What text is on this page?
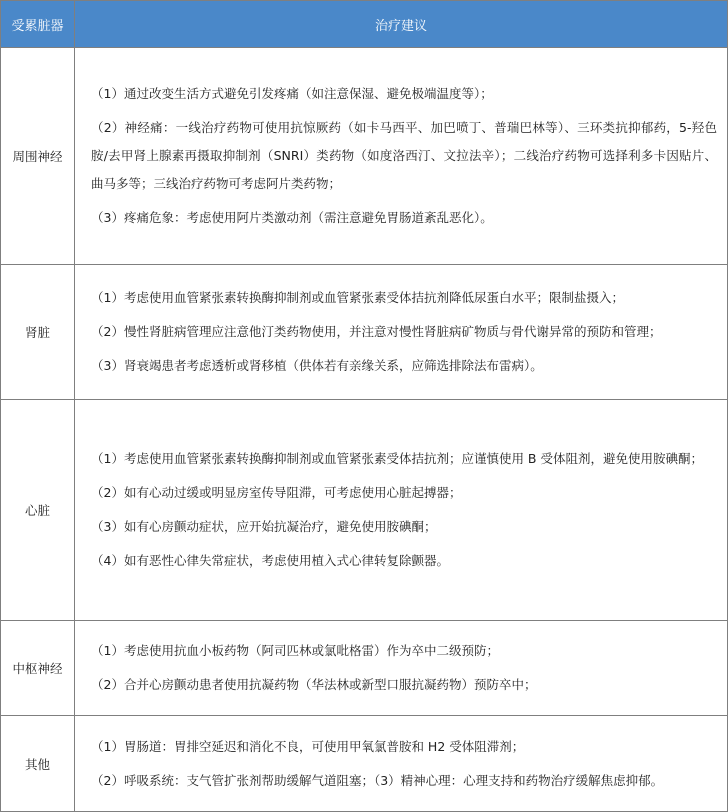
受累脏器	治疗建议
周围神经	（1）通过改变生活方式避免引发疼痛（如注意保湿、避免极端温度等）；

（2）神经痛：一线治疗药物可使用抗惊厥药（如卡马西平、加巴喷丁、普瑞巴林等）、三环类抗抑郁药，5-羟色胺/去甲肾上腺素再摄取抑制剂（SNRI）类药物（如度洛西汀、文拉法辛）；二线治疗药物可选择利多卡因贴片、曲马多等；三线治疗药物可考虑阿片类药物；

（3）疼痛危象：考虑使用阿片类激动剂（需注意避免胃肠道紊乱恶化）。

肾脏	（1）考虑使用血管紧张素转换酶抑制剂或血管紧张素受体拮抗剂降低尿蛋白水平；限制盐摄入；

（2）慢性肾脏病管理应注意他汀类药物使用，并注意对慢性肾脏病矿物质与骨代谢异常的预防和管理；

（3）肾衰竭患者考虑透析或肾移植（供体若有亲缘关系，应筛选排除法布雷病）。

心脏	（1）考虑使用血管紧张素转换酶抑制剂或血管紧张素受体拮抗剂；应谨慎使用 B 受体阻剂，避免使用胺碘酮；

（2）如有心动过缓或明显房室传导阻滞，可考虑使用心脏起搏器；

（3）如有心房颤动症状，应开始抗凝治疗，避免使用胺碘酮；

（4）如有恶性心律失常症状，考虑使用植入式心律转复除颤器。

中枢神经	（1）考虑使用抗血小板药物（阿司匹林或氯吡格雷）作为卒中二级预防；

（2）合并心房颤动患者使用抗凝药物（华法林或新型口服抗凝药物）预防卒中；

其他	（1）胃肠道：胃排空延迟和消化不良，可使用甲氧氯普胺和 H2 受体阻滞剂；

（2）呼吸系统：支气管扩张剂帮助缓解气道阻塞；（3）精神心理：心理支持和药物治疗缓解焦虑抑郁。
